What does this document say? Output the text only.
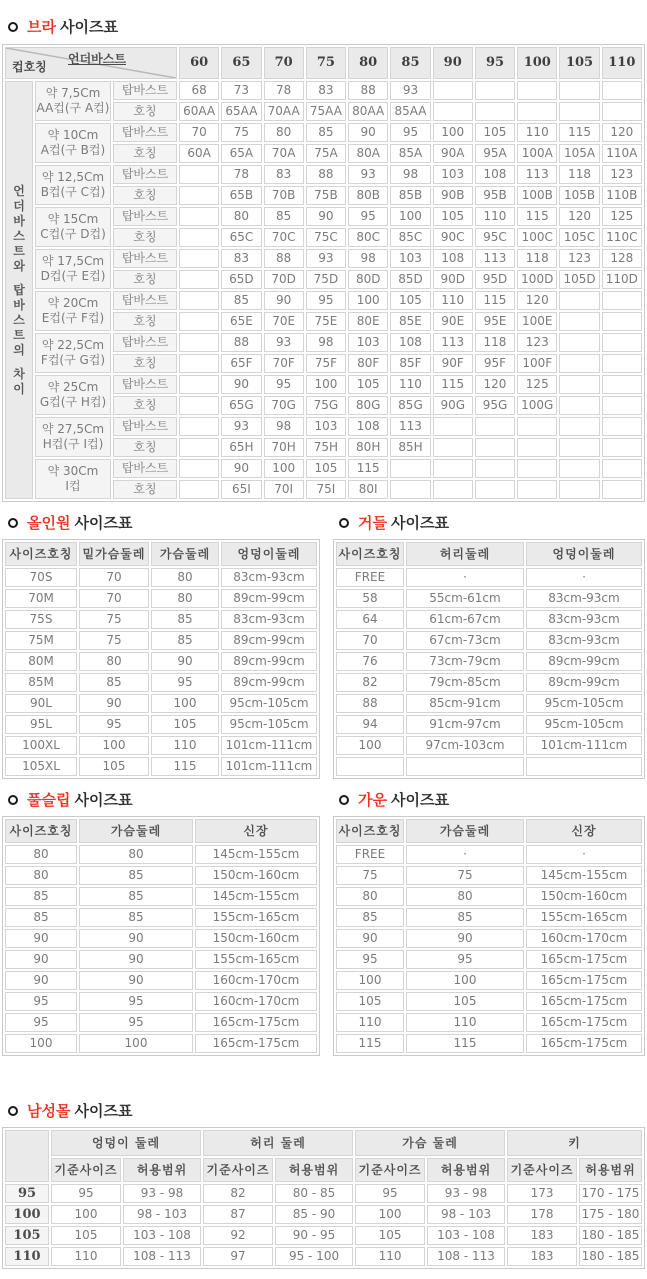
브라 사이즈표
언더바스트
컵호칭			60	65	70	75	80	85	90	95	100	105	110

언
더
바
스
트
와
탑
바
스
트
의
차
이

약 7,5Cm
AA컵(구 A컵)
	탑바스트	68	73	78	83	88	93					
		호칭	60AA	65AA	70AA	75AA	80AA	85AA					

	약 10Cm
A컵(구 B컵)	탑바스트	70	75	80	85	90	95	100	105	110	115	120
		호칭	60A	65A	70A	75A	80A	85A	90A	95A	100A	105A	110A

	약 12,5Cm
B컵(구 C컵)	탑바스트		78	83	88	93	98	103	108	113	118	123
		호칭		65B	70B	75B	80B	85B	90B	95B	100B	105B	110B

	약 15Cm
C컵(구 D컵)	탑바스트		80	85	90	95	100	105	110	115	120	125
		호칭		65C	70C	75C	80C	85C	90C	95C	100C	105C	110C

	약 17,5Cm
D컵(구 E컵)	탑바스트		83	88	93	98	103	108	113	118	123	128
		호칭		65D	70D	75D	80D	85D	90D	95D	100D	105D	110D

	약 20Cm
E컵(구 F컵)	탑바스트		85	90	95	100	105	110	115	120		
		호칭		65E	70E	75E	80E	85E	90E	95E	100E		

	약 22,5Cm
F컵(구 G컵)	탑바스트		88	93	98	103	108	113	118	123		
		호칭		65F	70F	75F	80F	85F	90F	95F	100F		

	약 25Cm
G컵(구 H컵)	탑바스트		90	95	100	105	110	115	120	125		
		호칭		65G	70G	75G	80G	85G	90G	95G	100G		

	약 27,5Cm
H컵(구 I컵)	탑바스트		93	98	103	108	113					
		호칭		65H	70H	75H	80H	85H					

	약 30Cm
I컵	탑바스트		90	100	105	115						
		호칭		65I	70I	75I	80I						
올인원 사이즈표
사이즈호칭	밑가슴둘레	가슴둘레	엉덩이둘레
70S	70	80	83cm-93cm
70M	70	80	89cm-99cm
75S	75	85	83cm-93cm
75M	75	85	89cm-99cm
80M	80	90	89cm-99cm
85M	85	95	89cm-99cm
90L	90	100	95cm-105cm
95L	95	105	95cm-105cm
100XL	100	110	101cm-111cm
105XL	105	115	101cm-111cm
거들 사이즈표
사이즈호칭	허리둘레	엉덩이둘레
FREE	·	·
58	55cm-61cm	83cm-93cm
64	61cm-67cm	83cm-93cm
70	67cm-73cm	83cm-93cm
76	73cm-79cm	89cm-99cm
82	79cm-85cm	89cm-99cm
88	85cm-91cm	95cm-105cm
94	91cm-97cm	95cm-105cm
100	97cm-103cm	101cm-111cm

풀슬립 사이즈표
사이즈호칭	가슴둘레	신장
80	80	145cm-155cm
80	85	150cm-160cm
85	85	145cm-155cm
85	85	155cm-165cm
90	90	150cm-160cm
90	90	155cm-165cm
90	90	160cm-170cm
95	95	160cm-170cm
95	95	165cm-175cm
100	100	165cm-175cm
가운 사이즈표
사이즈호칭	가슴둘레	신장
FREE	·	·
75	75	145cm-155cm
80	80	150cm-160cm
85	85	155cm-165cm
90	90	160cm-170cm
95	95	165cm-175cm
100	100	165cm-175cm
105	105	165cm-175cm
110	110	165cm-175cm
115	115	165cm-175cm
남성몰 사이즈표
	엉덩이 둘레		허리 둘레		가슴 둘레		키	
	기준사이즈	허용범위	기준사이즈	허용범위	기준사이즈	허용범위	기준사이즈	허용범위
95	95	93 - 98	82	80 - 85	95	93 - 98	173	170 - 175
100	100	98 - 103	87	85 - 90	100	98 - 103	178	175 - 180
105	105	103 - 108	92	90 - 95	105	103 - 108	183	180 - 185
110	110	108 - 113	97	95 - 100	110	108 - 113	183	180 - 185
